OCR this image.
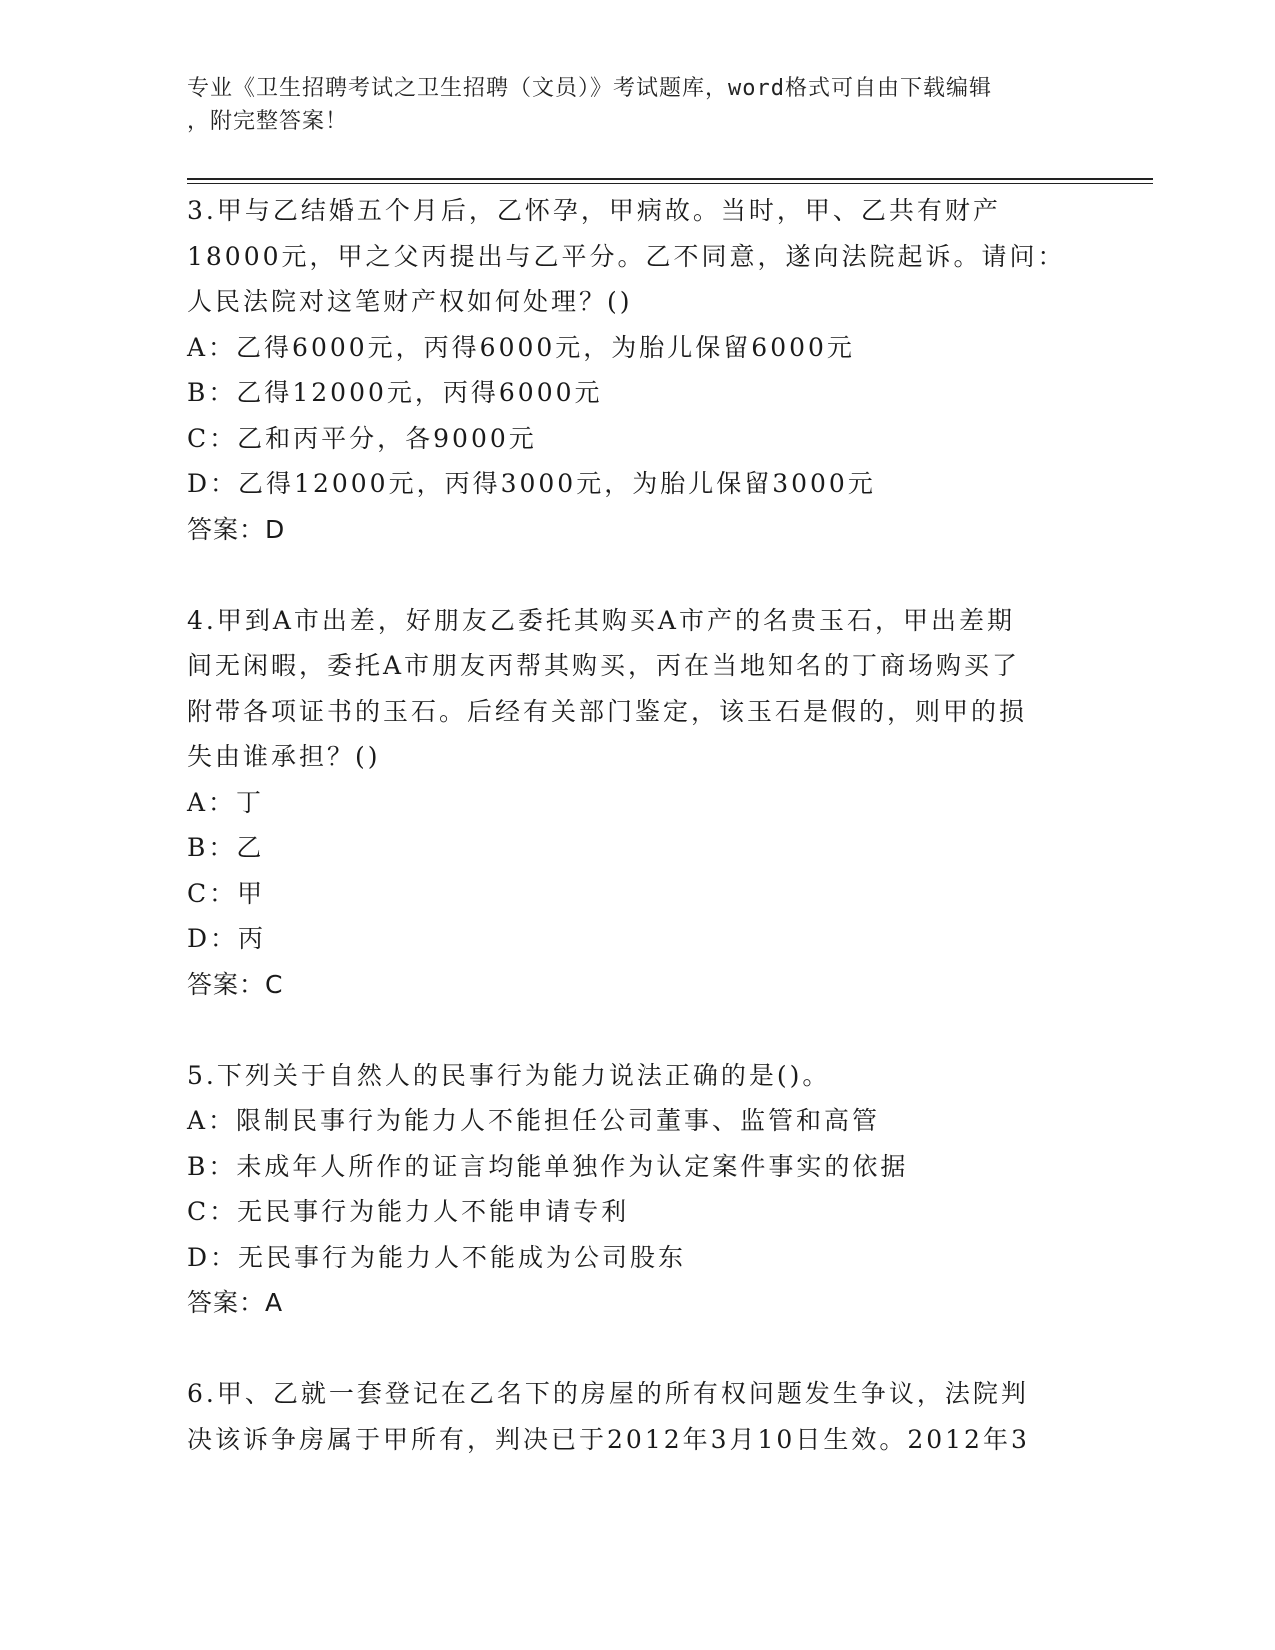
专业《卫生招聘考试之卫生招聘（文员）》考试题库，word格式可自由下载编辑
，附完整答案！
3.甲与乙结婚五个月后，乙怀孕，甲病故。当时，甲、乙共有财产
18000元，甲之父丙提出与乙平分。乙不同意，遂向法院起诉。请问：
人民法院对这笔财产权如何处理？()
A：乙得6000元，丙得6000元，为胎儿保留6000元
B：乙得12000元，丙得6000元
C：乙和丙平分，各9000元
D：乙得12000元，丙得3000元，为胎儿保留3000元
答案：D
4.甲到A市出差，好朋友乙委托其购买A市产的名贵玉石，甲出差期
间无闲暇，委托A市朋友丙帮其购买，丙在当地知名的丁商场购买了
附带各项证书的玉石。后经有关部门鉴定，该玉石是假的，则甲的损
失由谁承担？()
A：丁
B：乙
C：甲
D：丙
答案：C
5.下列关于自然人的民事行为能力说法正确的是()。
A：限制民事行为能力人不能担任公司董事、监管和高管
B：未成年人所作的证言均能单独作为认定案件事实的依据
C：无民事行为能力人不能申请专利
D：无民事行为能力人不能成为公司股东
答案：A
6.甲、乙就一套登记在乙名下的房屋的所有权问题发生争议，法院判
决该诉争房属于甲所有，判决已于2012年3月10日生效。2012年3
